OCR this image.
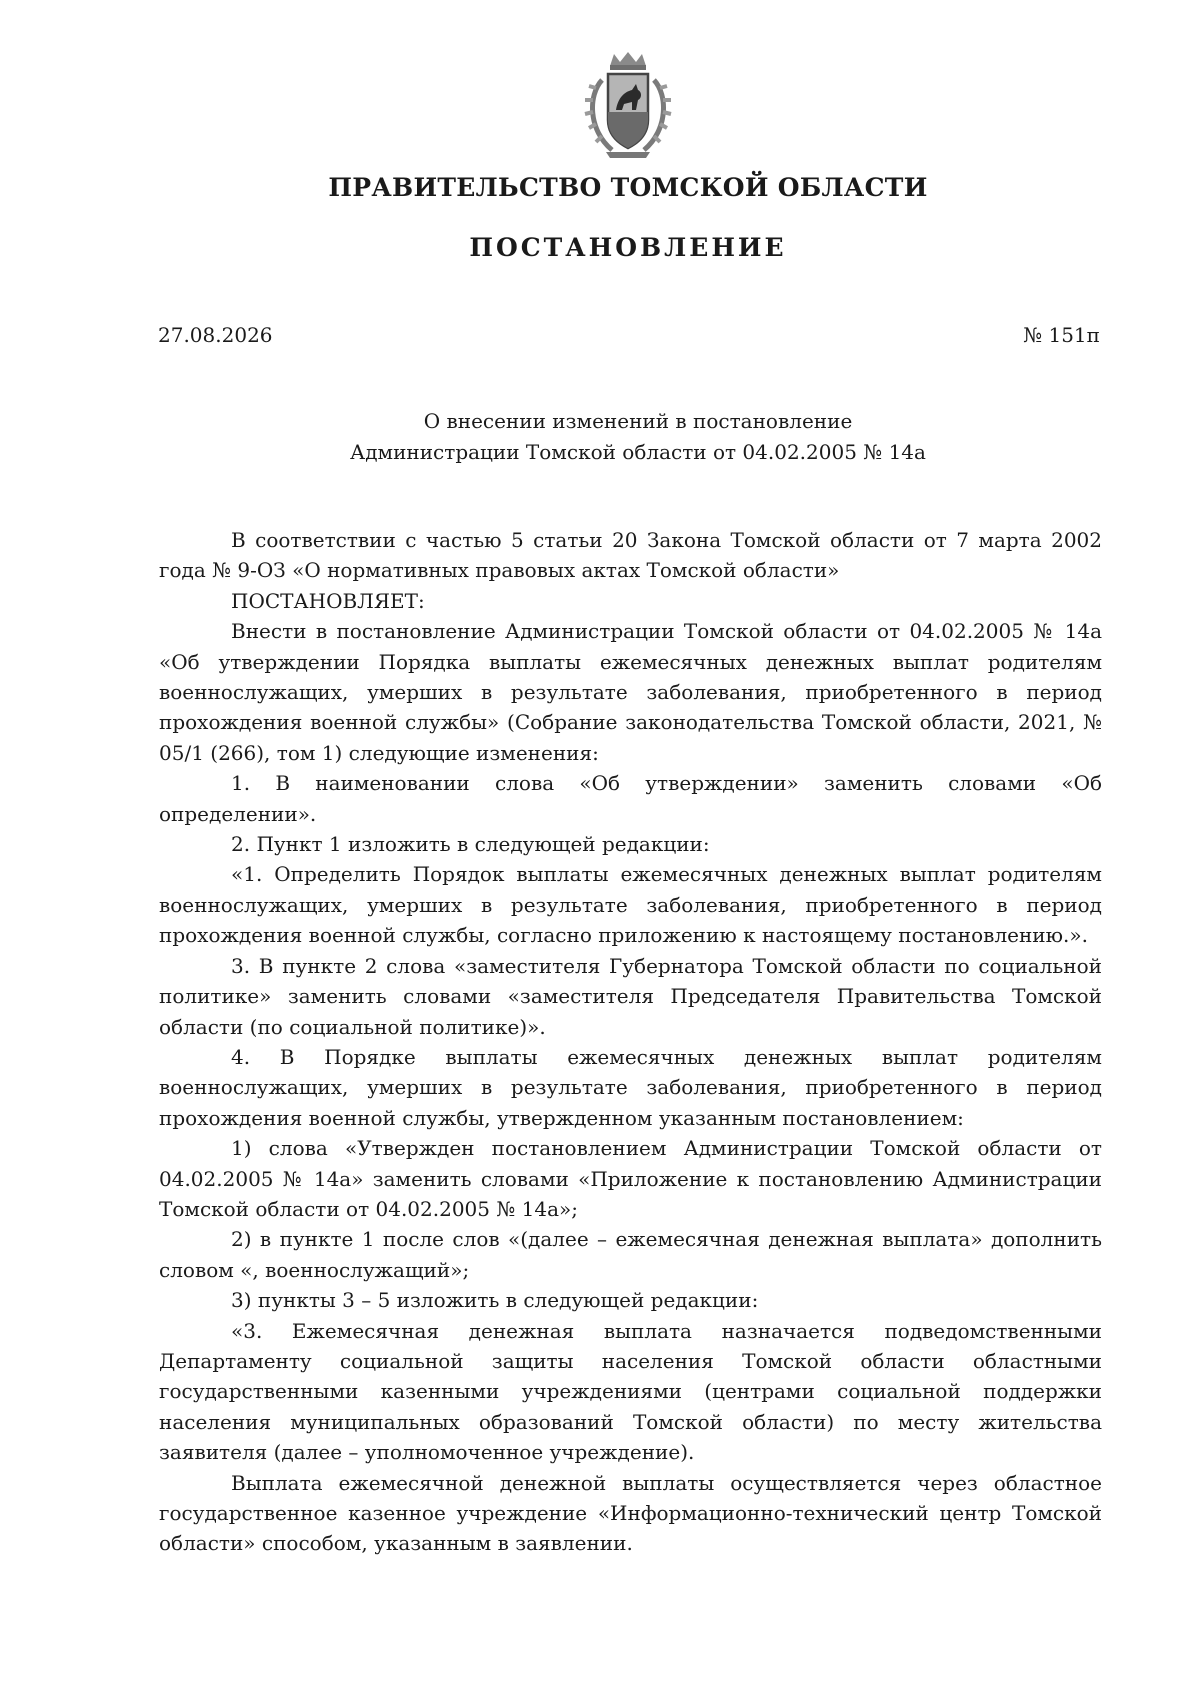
ПРАВИТЕЛЬСТВО ТОМСКОЙ ОБЛАСТИ
ПОСТАНОВЛЕНИЕ
27.08.2026	№ 151п
О внесении изменений в постановление
Администрации Томской области от 04.02.2005 № 14а

В соответствии с частью 5 статьи 20 Закона Томской области от 7 марта 2002 года № 9-ОЗ «О нормативных правовых актах Томской области»

ПОСТАНОВЛЯЕТ:

Внести в постановление Администрации Томской области от 04.02.2005 № 14а «Об утверждении Порядка выплаты ежемесячных денежных выплат родителям военнослужащих, умерших в результате заболевания, приобретенного в период прохождения военной службы» (Собрание законодательства Томской области, 2021, № 05/1 (266), том 1) следующие изменения:

1. В наименовании слова «Об утверждении» заменить словами «Об определении».

2. Пункт 1 изложить в следующей редакции:

«1. Определить Порядок выплаты ежемесячных денежных выплат родителям военнослужащих, умерших в результате заболевания, приобретенного в период прохождения военной службы, согласно приложению к настоящему постановлению.».

3. В пункте 2 слова «заместителя Губернатора Томской области по социальной политике» заменить словами «заместителя Председателя Правительства Томской области (по социальной политике)».

4. В Порядке выплаты ежемесячных денежных выплат родителям военнослужащих, умерших в результате заболевания, приобретенного в период прохождения военной службы, утвержденном указанным постановлением:

1) слова «Утвержден постановлением Администрации Томской области от 04.02.2005 № 14а» заменить словами «Приложение к постановлению Администрации Томской области от 04.02.2005 № 14а»;

2) в пункте 1 после слов «(далее – ежемесячная денежная выплата» дополнить словом «, военнослужащий»;

3) пункты 3 – 5 изложить в следующей редакции:

«3. Ежемесячная денежная выплата назначается подведомственными Департаменту социальной защиты населения Томской области областными государственными казенными учреждениями (центрами социальной поддержки населения муниципальных образований Томской области) по месту жительства заявителя (далее – уполномоченное учреждение).

Выплата ежемесячной денежной выплаты осуществляется через областное государственное казенное учреждение «Информационно-технический центр Томской области» способом, указанным в заявлении.
